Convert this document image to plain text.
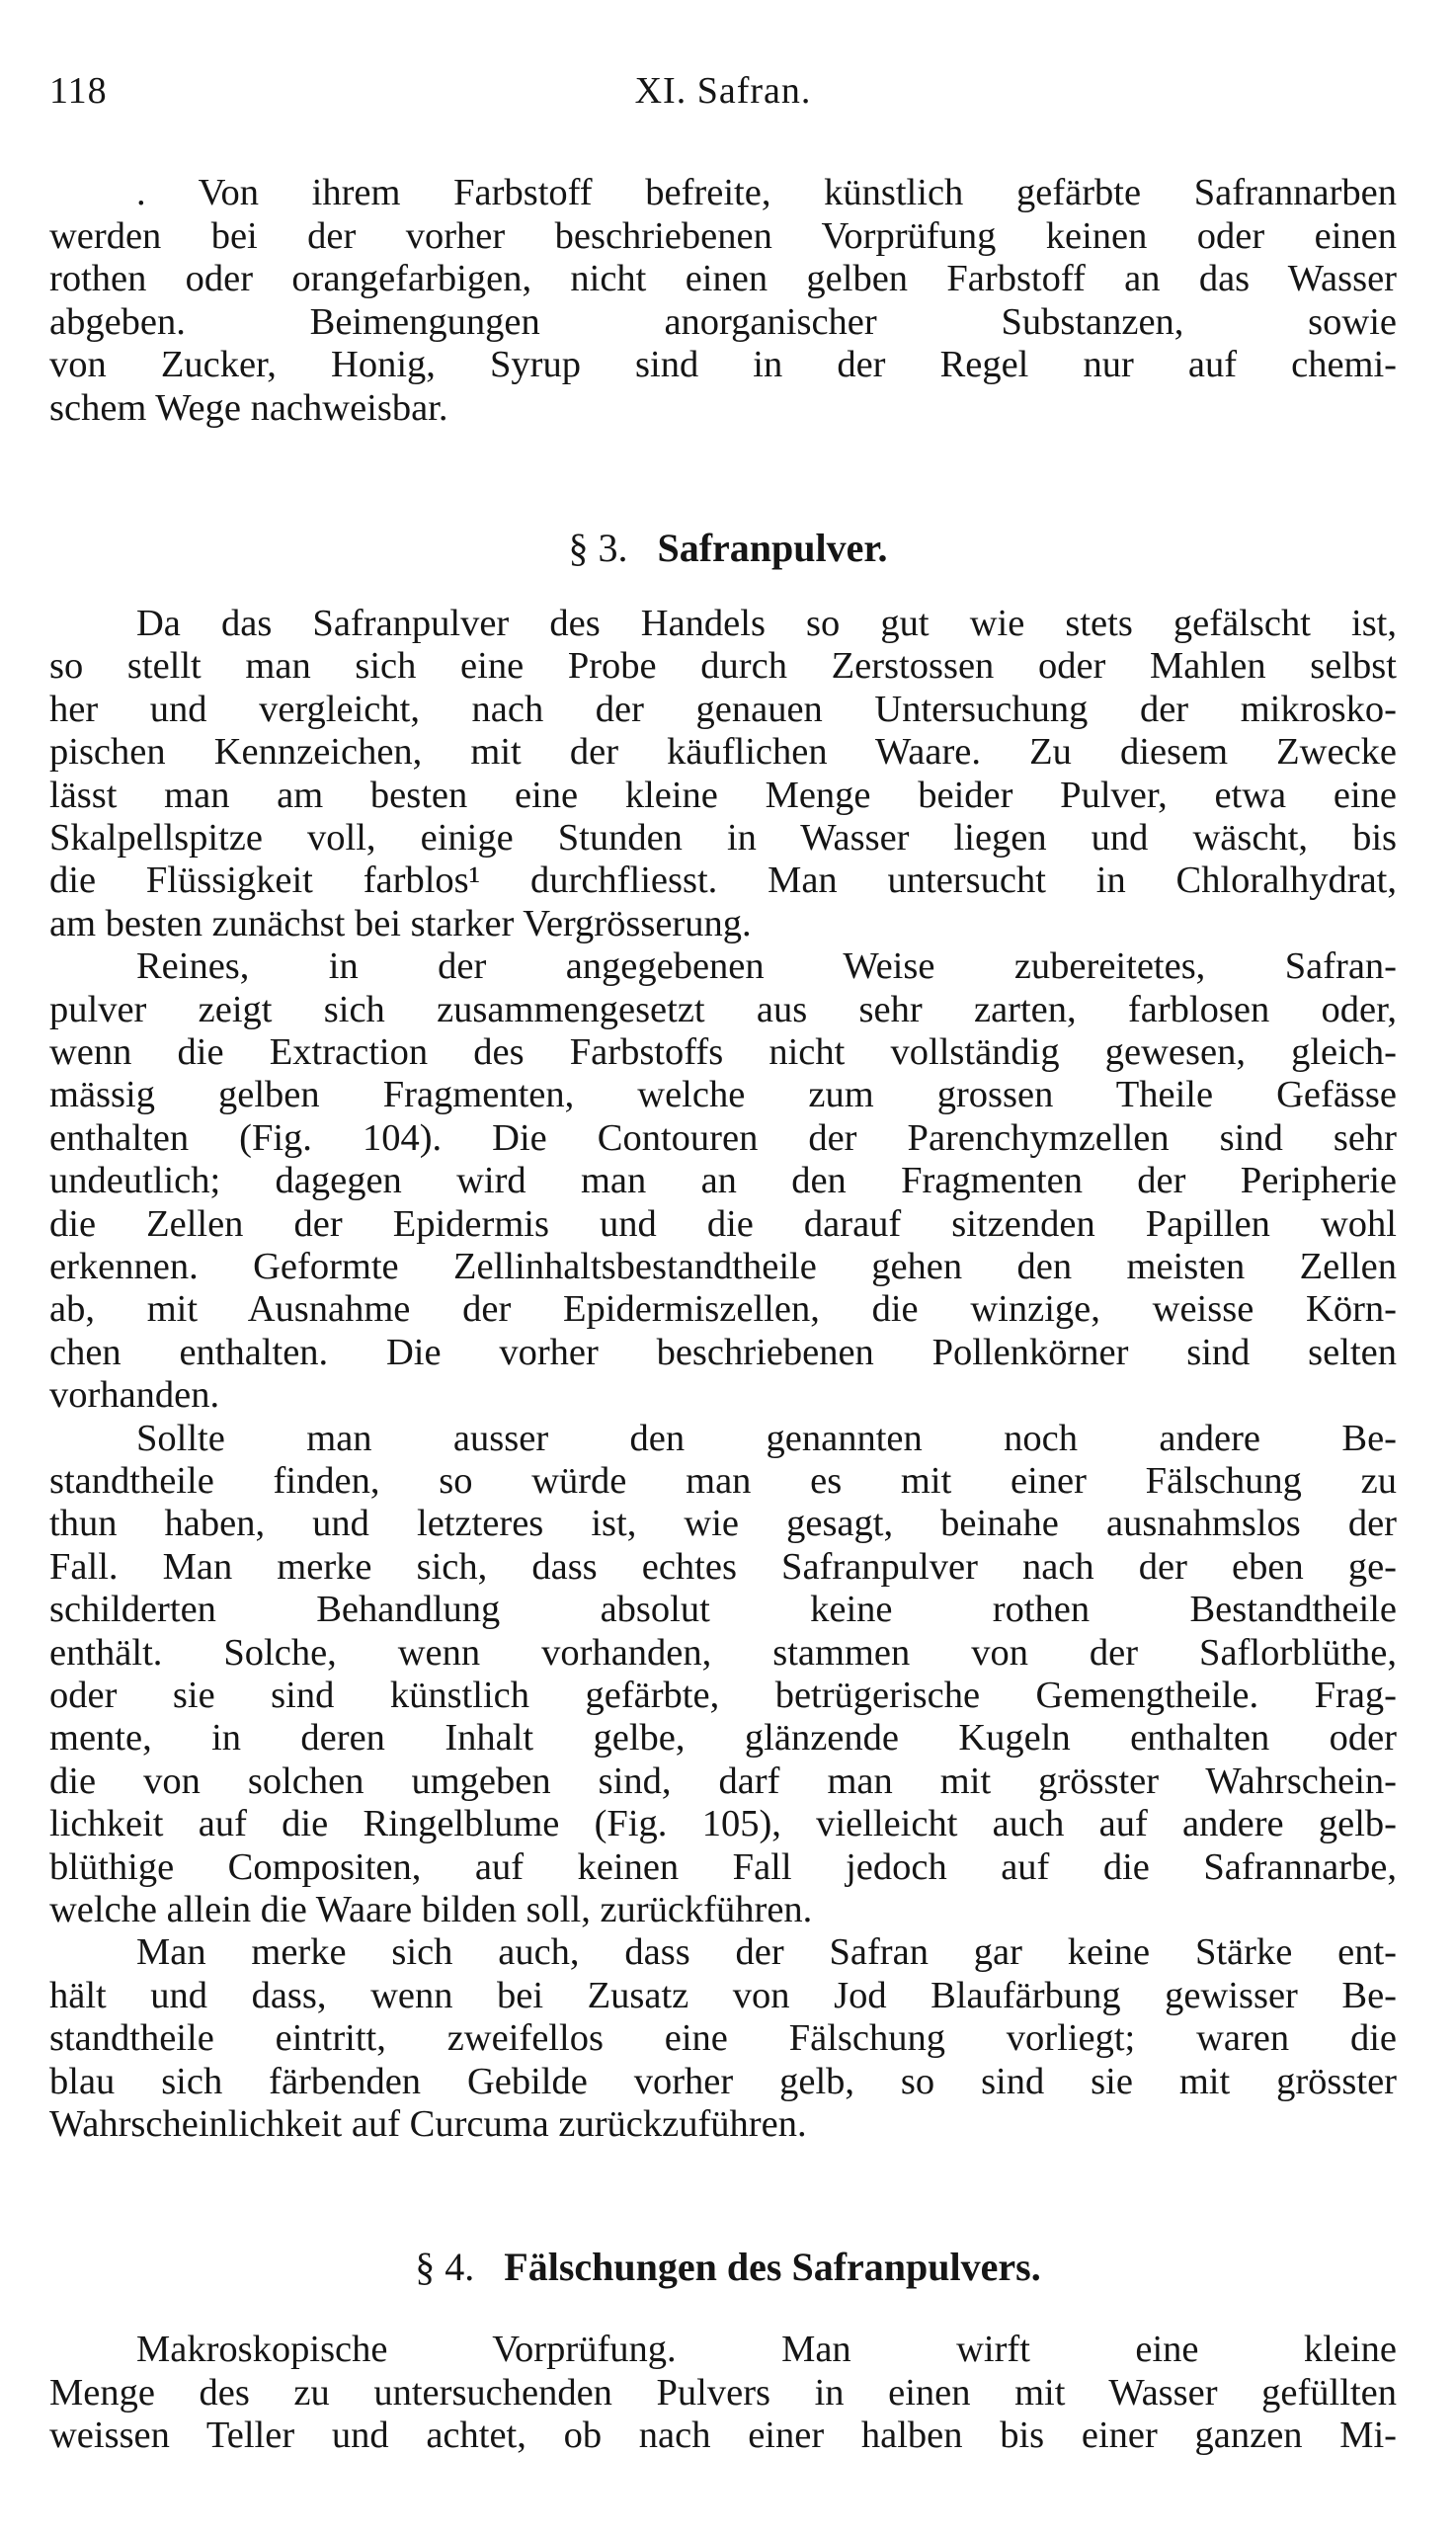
118	XI. Safran.
. Von ihrem Farbstoff befreite, künstlich gefärbte Safrannarben
werden bei der vorher beschriebenen Vorprüfung keinen oder einen
rothen oder orangefarbigen, nicht einen gelben Farbstoff an das Wasser
abgeben. Beimengungen anorganischer Substanzen, sowie
von Zucker, Honig, Syrup sind in der Regel nur auf chemi-
schem Wege nachweisbar.
§ 3. Safranpulver.
Da das Safranpulver des Handels so gut wie stets gefälscht ist,
so stellt man sich eine Probe durch Zerstossen oder Mahlen selbst
her und vergleicht, nach der genauen Untersuchung der mikrosko-
pischen Kennzeichen, mit der käuflichen Waare. Zu diesem Zwecke
lässt man am besten eine kleine Menge beider Pulver, etwa eine
Skalpellspitze voll, einige Stunden in Wasser liegen und wäscht, bis
die Flüssigkeit farblos¹ durchfliesst. Man untersucht in Chloralhydrat,
am besten zunächst bei starker Vergrösserung.
Reines, in der angegebenen Weise zubereitetes, Safran-
pulver zeigt sich zusammengesetzt aus sehr zarten, farblosen oder,
wenn die Extraction des Farbstoffs nicht vollständig gewesen, gleich-
mässig gelben Fragmenten, welche zum grossen Theile Gefässe
enthalten (Fig. 104). Die Contouren der Parenchymzellen sind sehr
undeutlich; dagegen wird man an den Fragmenten der Peripherie
die Zellen der Epidermis und die darauf sitzenden Papillen wohl
erkennen. Geformte Zellinhaltsbestandtheile gehen den meisten Zellen
ab, mit Ausnahme der Epidermiszellen, die winzige, weisse Körn-
chen enthalten. Die vorher beschriebenen Pollenkörner sind selten
vorhanden.
Sollte man ausser den genannten noch andere Be-
standtheile finden, so würde man es mit einer Fälschung zu
thun haben, und letzteres ist, wie gesagt, beinahe ausnahmslos der
Fall. Man merke sich, dass echtes Safranpulver nach der eben ge-
schilderten Behandlung absolut keine rothen Bestandtheile
enthält. Solche, wenn vorhanden, stammen von der Saflorblüthe,
oder sie sind künstlich gefärbte, betrügerische Gemengtheile. Frag-
mente, in deren Inhalt gelbe, glänzende Kugeln enthalten oder
die von solchen umgeben sind, darf man mit grösster Wahrschein-
lichkeit auf die Ringelblume (Fig. 105), vielleicht auch auf andere gelb-
blüthige Compositen, auf keinen Fall jedoch auf die Safrannarbe,
welche allein die Waare bilden soll, zurückführen.
Man merke sich auch, dass der Safran gar keine Stärke ent-
hält und dass, wenn bei Zusatz von Jod Blaufärbung gewisser Be-
standtheile eintritt, zweifellos eine Fälschung vorliegt; waren die
blau sich färbenden Gebilde vorher gelb, so sind sie mit grösster
Wahrscheinlichkeit auf Curcuma zurückzuführen.
§ 4. Fälschungen des Safranpulvers.
Makroskopische Vorprüfung. Man wirft eine kleine
Menge des zu untersuchenden Pulvers in einen mit Wasser gefüllten
weissen Teller und achtet, ob nach einer halben bis einer ganzen Mi-
